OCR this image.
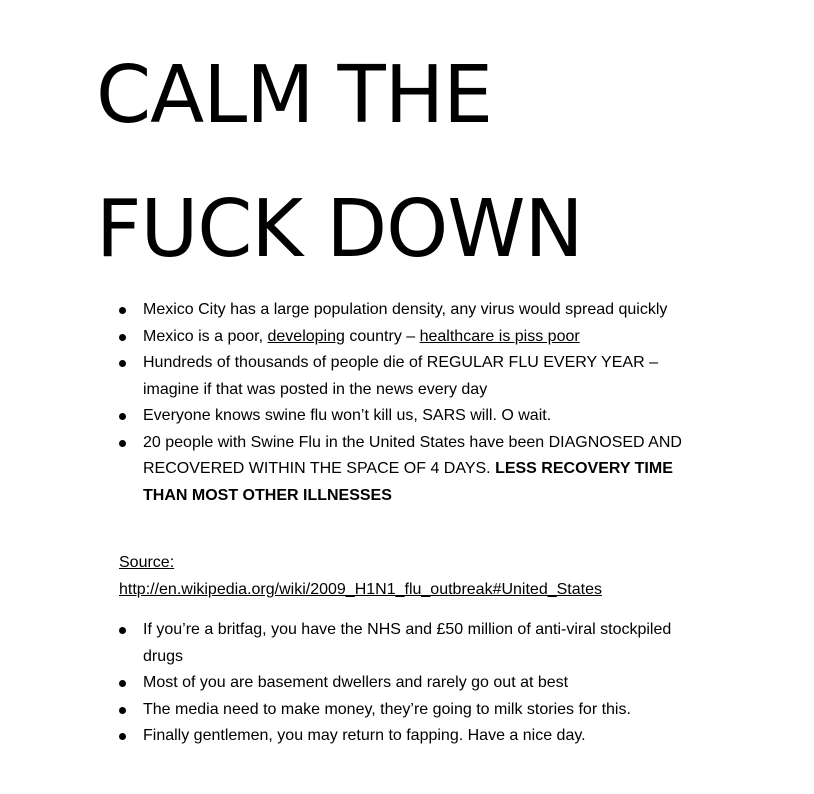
CALM THE
FUCK DOWN
Mexico City has a large population density, any virus would spread quickly
Mexico is a poor, developing country – healthcare is piss poor
Hundreds of thousands of people die of REGULAR FLU EVERY YEAR – imagine if that was posted in the news every day
Everyone knows swine flu won’t kill us, SARS will. O wait.
20 people with Swine Flu in the United States have been DIAGNOSED AND RECOVERED WITHIN THE SPACE OF 4 DAYS. LESS RECOVERY TIME THAN MOST OTHER ILLNESSES

Source:
http://en.wikipedia.org/wiki/2009_H1N1_flu_outbreak#United_States

If you’re a britfag, you have the NHS and £50 million of anti-viral stockpiled drugs
Most of you are basement dwellers and rarely go out at best
The media need to make money, they’re going to milk stories for this.
Finally gentlemen, you may return to fapping. Have a nice day.
